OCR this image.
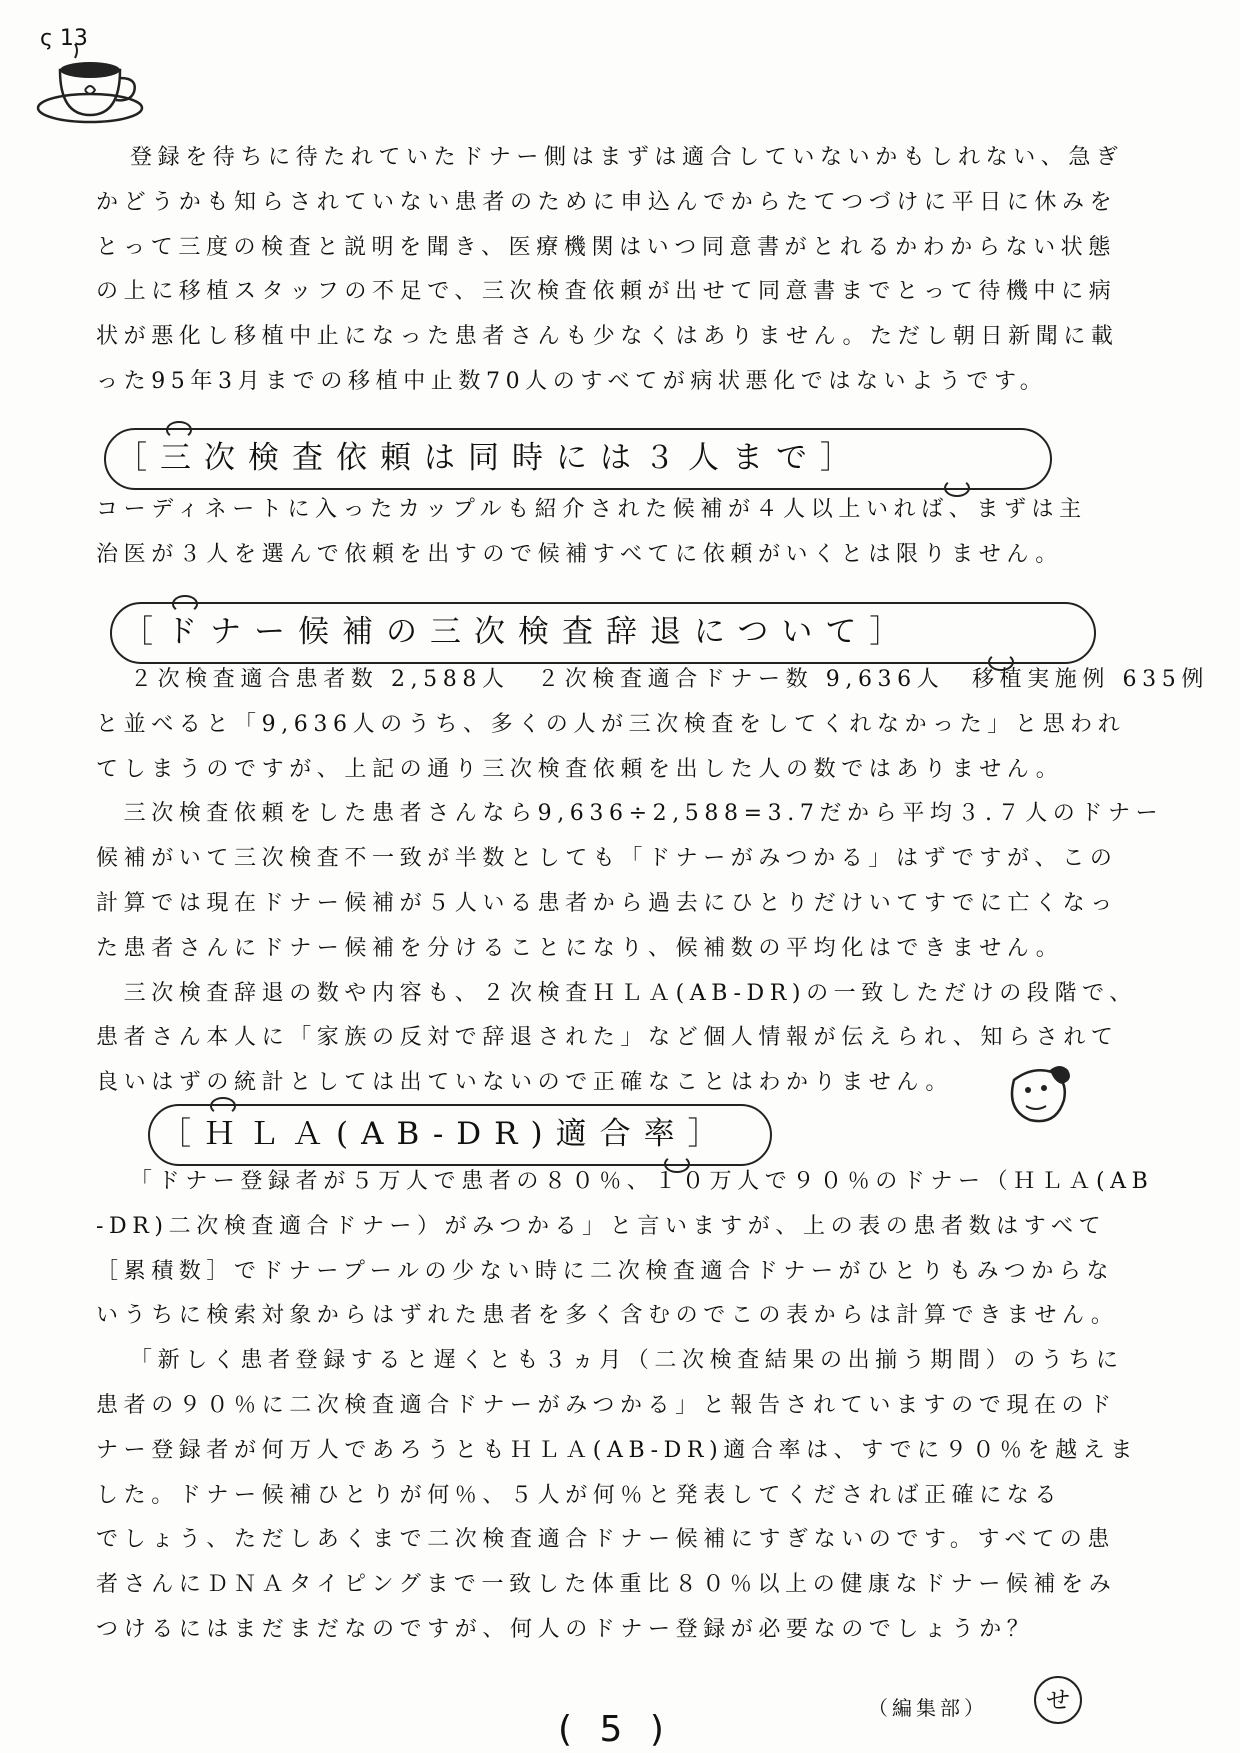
ς 13
登録を待ちに待たれていたドナー側はまずは適合していないかもしれない、急ぎ
かどうかも知らされていない患者のために申込んでからたてつづけに平日に休みを
とって三度の検査と説明を聞き、医療機関はいつ同意書がとれるかわからない状態
の上に移植スタッフの不足で、三次検査依頼が出せて同意書までとって待機中に病
状が悪化し移植中止になった患者さんも少なくはありません。ただし朝日新聞に載
った95年3月までの移植中止数70人のすべてが病状悪化ではないようです。
［三次検査依頼は同時には３人まで］
コーディネートに入ったカップルも紹介された候補が４人以上いれば、まずは主
治医が３人を選んで依頼を出すので候補すべてに依頼がいくとは限りません。
［ドナー候補の三次検査辞退について］
２次検査適合患者数 2,588人　２次検査適合ドナー数 9,636人　移植実施例 635例
と並べると「9,636人のうち、多くの人が三次検査をしてくれなかった」と思われ
てしまうのですが、上記の通り三次検査依頼を出した人の数ではありません。
　三次検査依頼をした患者さんなら9,636÷2,588=3.7だから平均３.７人のドナー
候補がいて三次検査不一致が半数としても「ドナーがみつかる」はずですが、この
計算では現在ドナー候補が５人いる患者から過去にひとりだけいてすでに亡くなっ
た患者さんにドナー候補を分けることになり、候補数の平均化はできません。
　三次検査辞退の数や内容も、２次検査ＨＬＡ(AB-DR)の一致しただけの段階で、
患者さん本人に「家族の反対で辞退された」など個人情報が伝えられ、知らされて
良いはずの統計としては出ていないので正確なことはわかりません。
［ＨＬＡ(AB-DR)適合率］
「ドナー登録者が５万人で患者の８０％、１０万人で９０％のドナー（ＨＬＡ(AB
-DR)二次検査適合ドナー）がみつかる」と言いますが、上の表の患者数はすべて
［累積数］でドナープールの少ない時に二次検査適合ドナーがひとりもみつからな
いうちに検索対象からはずれた患者を多く含むのでこの表からは計算できません。
「新しく患者登録すると遅くとも３ヵ月（二次検査結果の出揃う期間）のうちに
患者の９０％に二次検査適合ドナーがみつかる」と報告されていますので現在のド
ナー登録者が何万人であろうともＨＬＡ(AB-DR)適合率は、すでに９０％を越えま
した。ドナー候補ひとりが何％、５人が何％と発表してくだされば正確になる
でしょう、ただしあくまで二次検査適合ドナー候補にすぎないのです。すべての患
者さんにＤＮＡタイピングまで一致した体重比８０％以上の健康なドナー候補をみ
つけるにはまだまだなのですが、何人のドナー登録が必要なのでしょうか？
（編集部）	せ
( 5 )
